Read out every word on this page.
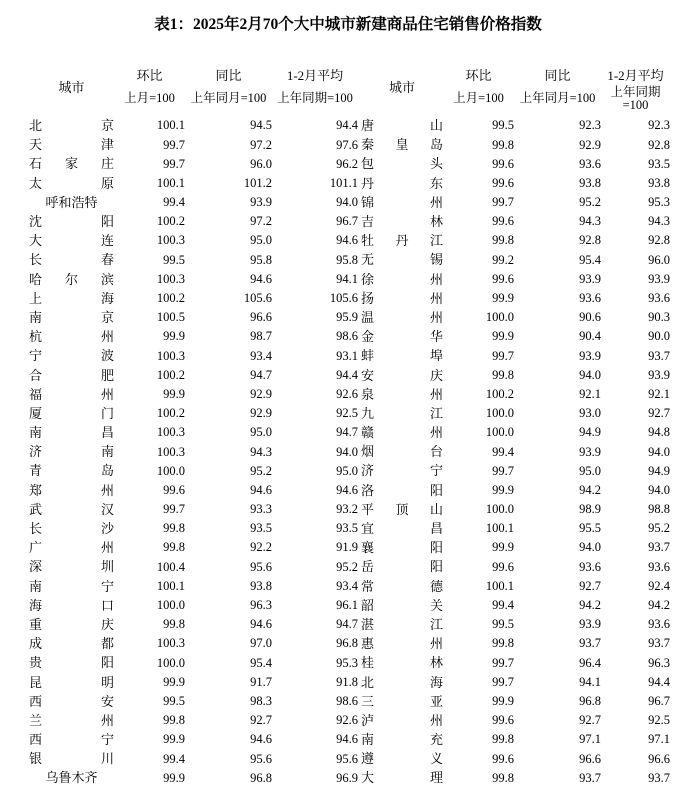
表1：2025年2月70个大中城市新建商品住宅销售价格指数

城市	环比	同比	1-2月平均		城市	环比	同比	1-2月平均
	上月=100	上年同月=100	上年同期=100			上月=100	上年同月=100	上年同期=100

北 京	100.1	94.5	94.4		唐 山	99.5	92.3	92.3

天 津	99.7	97.2	97.6		秦 皇 岛	99.8	92.9	92.8

石 家 庄	99.7	96.0	96.2		包 头	99.6	93.6	93.5

太 原	100.1	101.2	101.1		丹 东	99.6	93.8	93.8

呼 和 浩 特	99.4	93.9	94.0		锦 州	99.7	95.2	95.3

沈 阳	100.2	97.2	96.7		吉 林	99.6	94.3	94.3

大 连	100.3	95.0	94.6		牡 丹 江	99.8	92.8	92.8

长 春	99.5	95.8	95.8		无 锡	99.2	95.4	96.0

哈 尔 滨	100.3	94.6	94.1		徐 州	99.6	93.9	93.9

上 海	100.2	105.6	105.6		扬 州	99.9	93.6	93.6

南 京	100.5	96.6	95.9		温 州	100.0	90.6	90.3

杭 州	99.9	98.7	98.6		金 华	99.9	90.4	90.0

宁 波	100.3	93.4	93.1		蚌 埠	99.7	93.9	93.7

合 肥	100.2	94.7	94.4		安 庆	99.8	94.0	93.9

福 州	99.9	92.9	92.6		泉 州	100.2	92.1	92.1

厦 门	100.2	92.9	92.5		九 江	100.0	93.0	92.7

南 昌	100.3	95.0	94.7		赣 州	100.0	94.9	94.8

济 南	100.3	94.3	94.0		烟 台	99.4	93.9	94.0

青 岛	100.0	95.2	95.0		济 宁	99.7	95.0	94.9

郑 州	99.6	94.6	94.6		洛 阳	99.9	94.2	94.0

武 汉	99.7	93.3	93.2		平 顶 山	100.0	98.9	98.8

长 沙	99.8	93.5	93.5		宜 昌	100.1	95.5	95.2

广 州	99.8	92.2	91.9		襄 阳	99.9	94.0	93.7

深 圳	100.4	95.6	95.2		岳 阳	99.6	93.6	93.6

南 宁	100.1	93.8	93.4		常 德	100.1	92.7	92.4

海 口	100.0	96.3	96.1		韶 关	99.4	94.2	94.2

重 庆	99.8	94.6	94.7		湛 江	99.5	93.9	93.6

成 都	100.3	97.0	96.8		惠 州	99.8	93.7	93.7

贵 阳	100.0	95.4	95.3		桂 林	99.7	96.4	96.3

昆 明	99.9	91.7	91.8		北 海	99.7	94.1	94.4

西 安	99.5	98.3	98.6		三 亚	99.9	96.8	96.7

兰 州	99.8	92.7	92.6		泸 州	99.6	92.7	92.5

西 宁	99.9	94.6	94.6		南 充	99.8	97.1	97.1

银 川	99.4	95.6	95.6		遵 义	99.6	96.6	96.6

乌 鲁 木 齐	99.9	96.8	96.9		大 理	99.8	93.7	93.7
